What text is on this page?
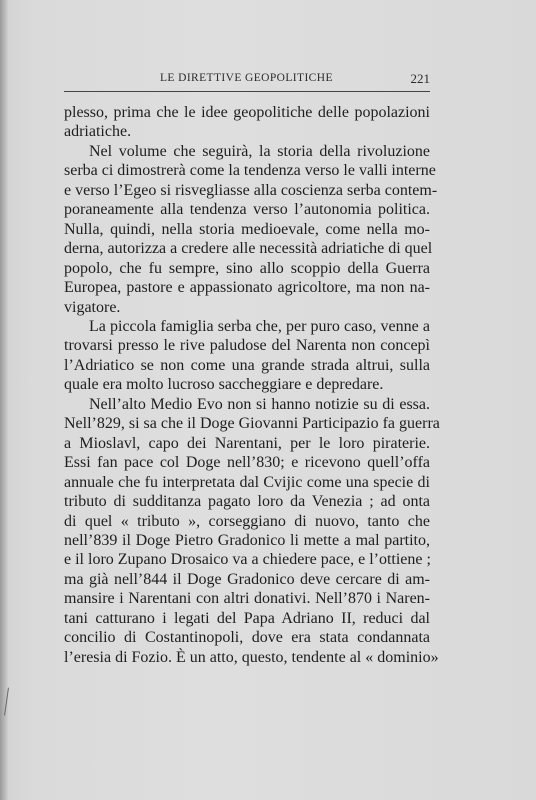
LE DIRETTIVE GEOPOLITICHE	221
plesso, prima che le idee geopolitiche delle popolazioni
adriatiche.
Nel volume che seguirà, la storia della rivoluzione
serba ci dimostrerà come la tendenza verso le valli interne
e verso l’Egeo si risvegliasse alla coscienza serba contem-
poraneamente alla tendenza verso l’autonomia politica.
Nulla, quindi, nella storia medioevale, come nella mo-
derna, autorizza a credere alle necessità adriatiche di quel
popolo, che fu sempre, sino allo scoppio della Guerra
Europea, pastore e appassionato agricoltore, ma non na-
vigatore.
La piccola famiglia serba che, per puro caso, venne a
trovarsi presso le rive paludose del Narenta non concepì
l’Adriatico se non come una grande strada altrui, sulla
quale era molto lucroso saccheggiare e depredare.
Nell’alto Medio Evo non si hanno notizie su di essa.
Nell’829, si sa che il Doge Giovanni Participazio fa guerra
a Mioslavl, capo dei Narentani, per le loro piraterie.
Essi fan pace col Doge nell’830; e ricevono quell’offa
annuale che fu interpretata dal Cvijic come una specie di
tributo di sudditanza pagato loro da Venezia ; ad onta
di quel « tributo », corseggiano di nuovo, tanto che
nell’839 il Doge Pietro Gradonico li mette a mal partito,
e il loro Zupano Drosaico va a chiedere pace, e l’ottiene ;
ma già nell’844 il Doge Gradonico deve cercare di am-
mansire i Narentani con altri donativi. Nell’870 i Naren-
tani catturano i legati del Papa Adriano II, reduci dal
concilio di Costantinopoli, dove era stata condannata
l’eresia di Fozio. È un atto, questo, tendente al « dominio»
